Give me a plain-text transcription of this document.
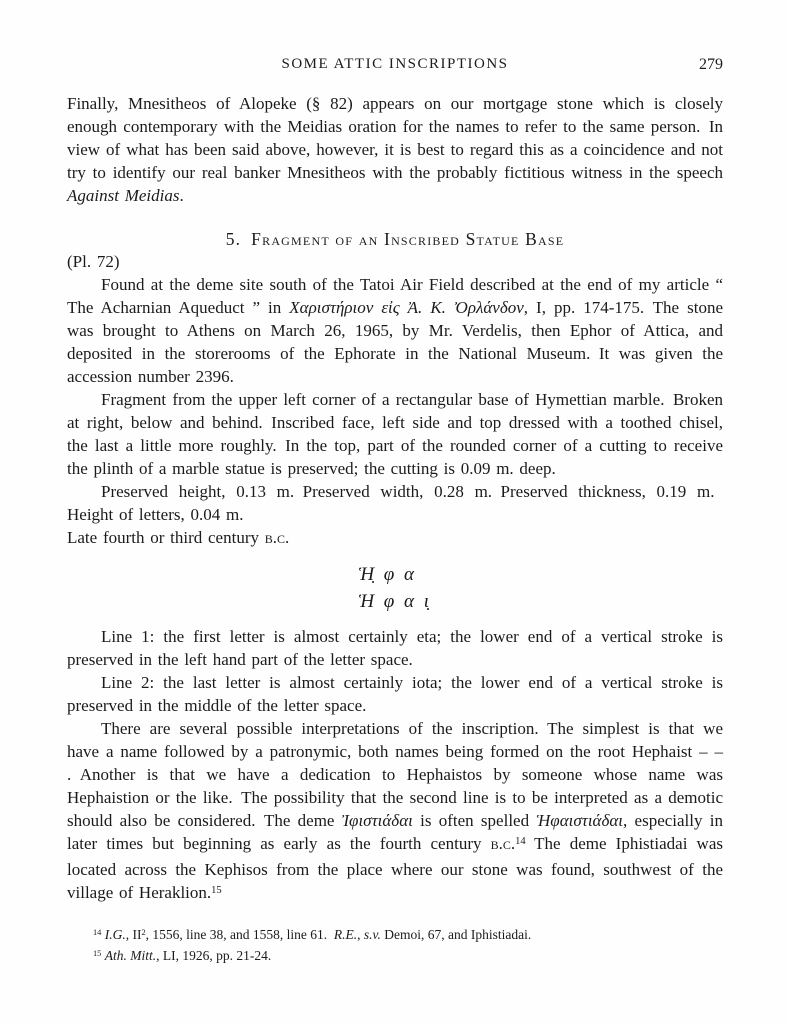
SOME ATTIC INSCRIPTIONS	279

Finally, Mnesitheos of Alopeke (§ 82) appears on our mortgage stone which is closely enough contemporary with the Meidias oration for the names to refer to the same person. In view of what has been said above, however, it is best to regard this as a coincidence and not try to identify our real banker Mnesitheos with the probably fictitious witness in the speech Against Meidias.

5. Fragment of an Inscribed Statue Base

(Pl. 72)

Found at the deme site south of the Tatoi Air Field described at the end of my article “ The Acharnian Aqueduct ” in Χαριστήριον εἰς Ἀ. Κ. Ὀρλάνδον, I, pp. 174-175. The stone was brought to Athens on March 26, 1965, by Mr. Verdelis, then Ephor of Attica, and deposited in the storerooms of the Ephorate in the National Museum. It was given the accession number 2396.

Fragment from the upper left corner of a rectangular base of Hymettian marble. Broken at right, below and behind. Inscribed face, left side and top dressed with a toothed chisel, the last a little more roughly. In the top, part of the rounded corner of a cutting to receive the plinth of a marble statue is preserved; the cutting is 0.09 m. deep.

Preserved height, 0.13 m. Preserved width, 0.28 m. Preserved thickness, 0.19 m. Height of letters, 0.04 m.

Late fourth or third century b.c.

Ἡ̣ φ α
Ἡ φ α ι̣

Line 1: the first letter is almost certainly eta; the lower end of a vertical stroke is preserved in the left hand part of the letter space.

Line 2: the last letter is almost certainly iota; the lower end of a vertical stroke is preserved in the middle of the letter space.

There are several possible interpretations of the inscription. The simplest is that we have a name followed by a patronymic, both names being formed on the root Hephaist – – . Another is that we have a dedication to Hephaistos by someone whose name was Hephaistion or the like. The possibility that the second line is to be interpreted as a demotic should also be considered. The deme Ἰφιστιάδαι is often spelled Ἡφαιστιάδαι, especially in later times but beginning as early as the fourth century b.c.$^{14}$ The deme Iphistiadai was located across the Kephisos from the place where our stone was found, southwest of the village of Heraklion.$^{15}$

$^{14}$ I.G., $II^2$, 1556, line 38, and 1558, line 61. R.E., s.v. Demoi, 67, and Iphistiadai.

$^{15}$ Ath. Mitt., LI, 1926, pp. 21-24.
